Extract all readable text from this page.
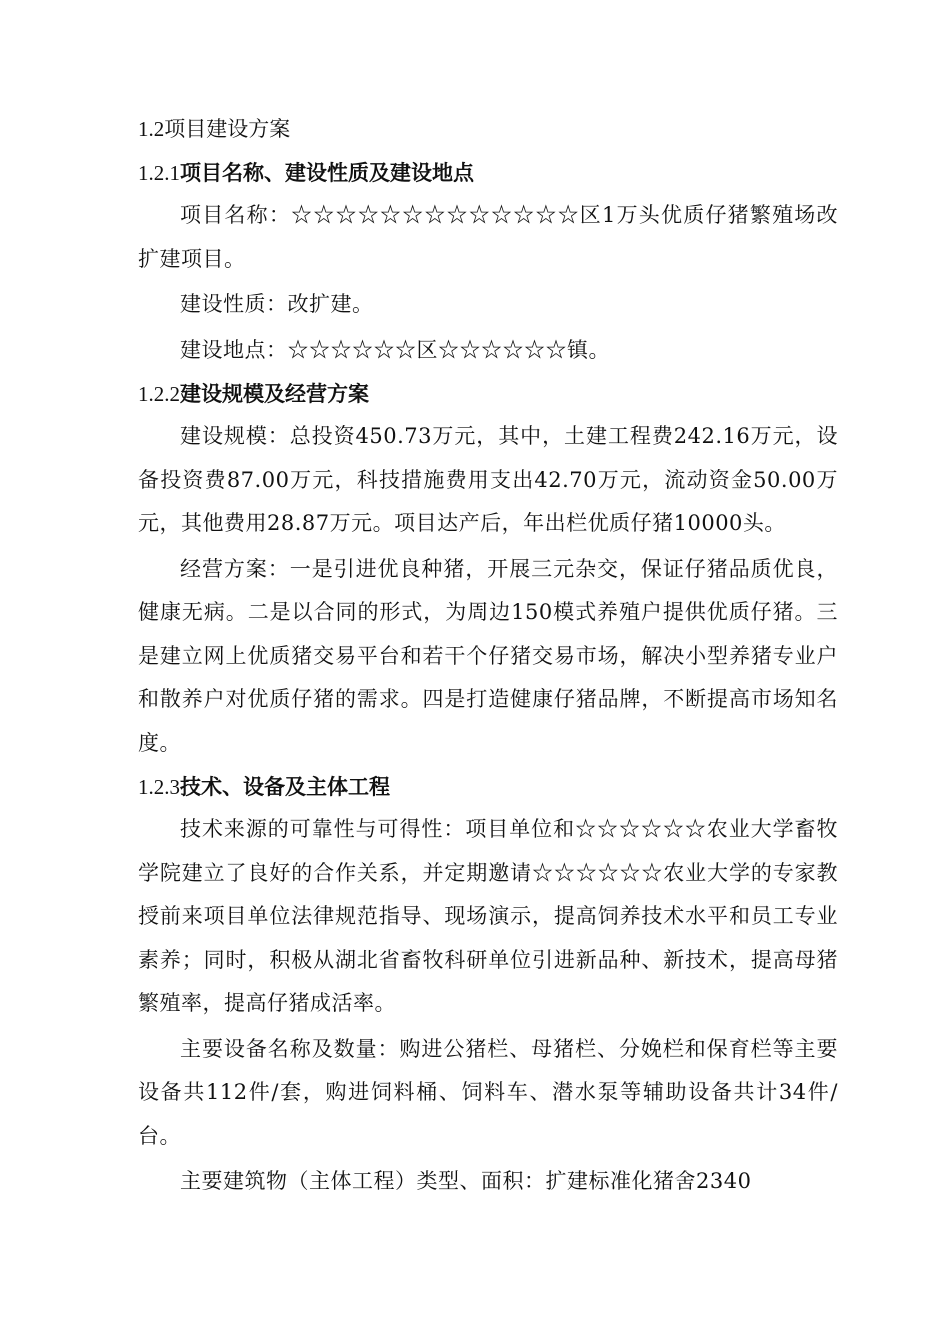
1.2项目建设方案
1.2.1项目名称、建设性质及建设地点

项目名称：☆☆☆☆☆☆☆☆☆☆☆☆☆区1万头优质仔猪繁殖场改扩建项目。

建设性质：改扩建。

建设地点：☆☆☆☆☆☆区☆☆☆☆☆☆镇。

1.2.2建设规模及经营方案

建设规模：总投资450.73万元，其中，土建工程费242.16万元，设备投资费87.00万元，科技措施费用支出42.70万元，流动资金50.00万元，其他费用28.87万元。项目达产后，年出栏优质仔猪10000头。

经营方案：一是引进优良种猪，开展三元杂交，保证仔猪品质优良，健康无病。二是以合同的形式，为周边150模式养殖户提供优质仔猪。三是建立网上优质猪交易平台和若干个仔猪交易市场，解决小型养猪专业户和散养户对优质仔猪的需求。四是打造健康仔猪品牌，不断提高市场知名度。

1.2.3技术、设备及主体工程

技术来源的可靠性与可得性：项目单位和☆☆☆☆☆☆农业大学畜牧学院建立了良好的合作关系，并定期邀请☆☆☆☆☆☆农业大学的专家教授前来项目单位法律规范指导、现场演示，提高饲养技术水平和员工专业素养；同时，积极从湖北省畜牧科研单位引进新品种、新技术，提高母猪繁殖率，提高仔猪成活率。

主要设备名称及数量：购进公猪栏、母猪栏、分娩栏和保育栏等主要设备共112件/套，购进饲料桶、饲料车、潜水泵等辅助设备共计34件/台。

主要建筑物（主体工程）类型、面积：扩建标准化猪舍2340
